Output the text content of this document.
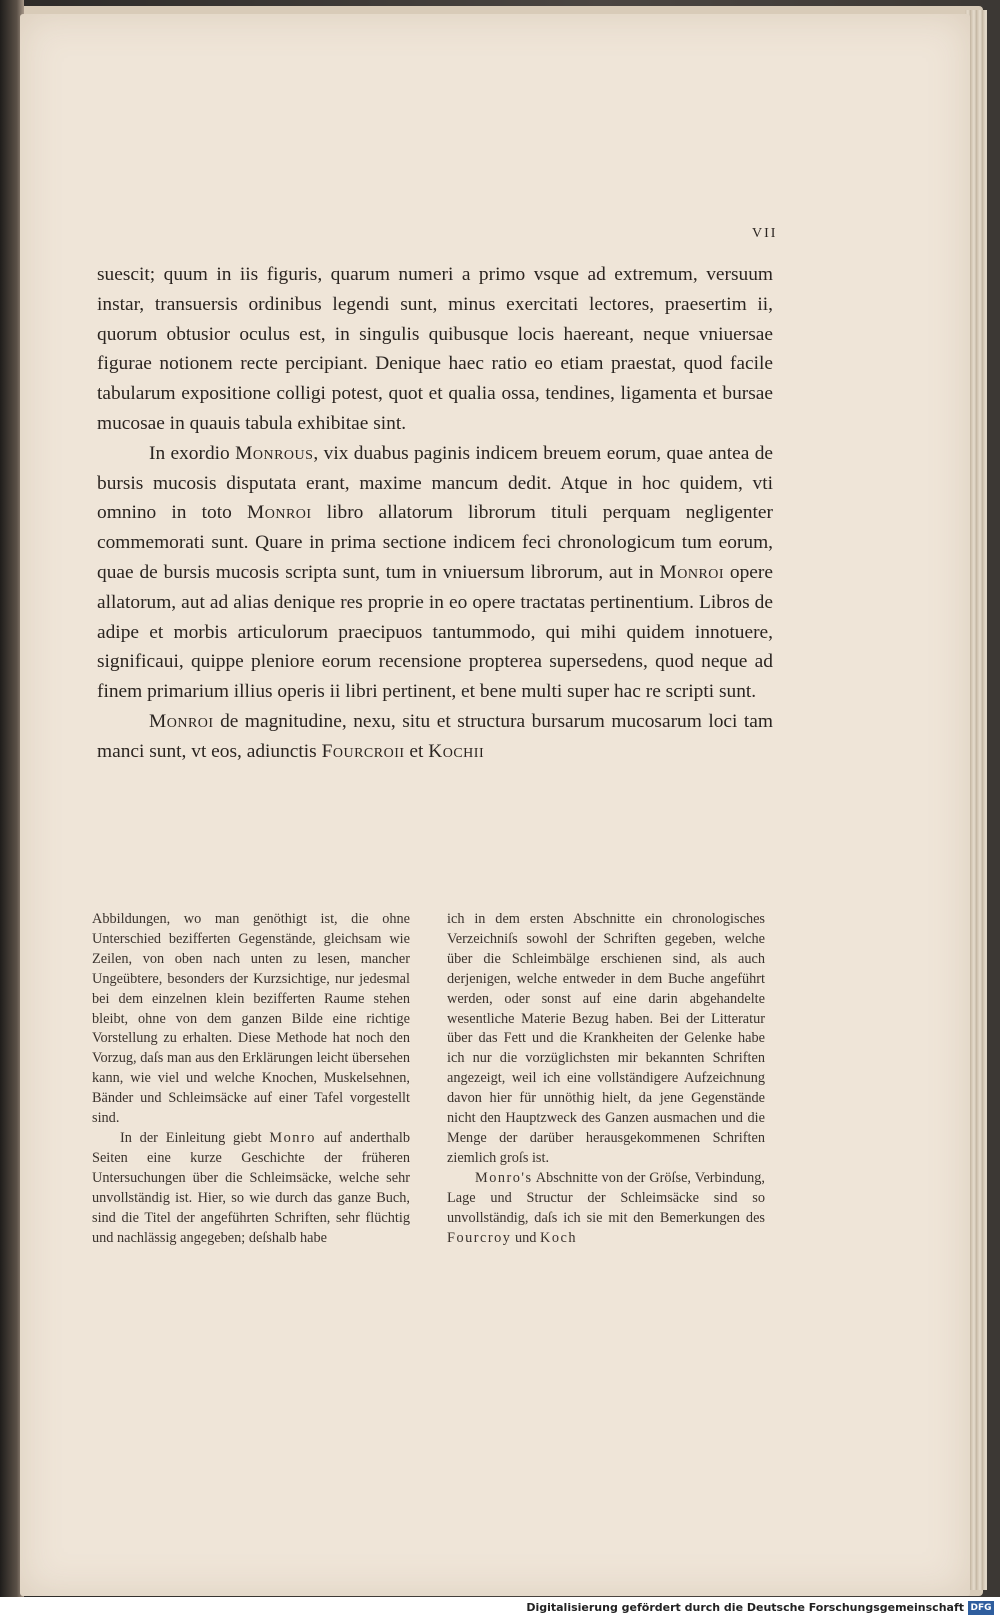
VII

suescit; quum in iis figuris, quarum numeri a primo vsque ad extremum, versuum instar, transuersis ordinibus legendi sunt, minus exercitati lectores, praesertim ii, quorum obtusior oculus est, in singulis quibusque locis haereant, neque vniuersae figurae notionem recte percipiant. Denique haec ratio eo etiam praestat, quod facile tabularum expositione colligi potest, quot et qualia ossa, tendines, ligamenta et bursae mucosae in quauis tabula exhibitae sint.

In exordio Monrous, vix duabus paginis indicem breuem eorum, quae antea de bursis mucosis disputata erant, maxime mancum dedit. Atque in hoc quidem, vti omnino in toto Monroi libro allatorum librorum tituli perquam negligenter commemorati sunt. Quare in prima sectione indicem feci chronologicum tum eorum, quae de bursis mucosis scripta sunt, tum in vniuersum librorum, aut in Monroi opere allatorum, aut ad alias denique res proprie in eo opere tractatas pertinentium. Libros de adipe et morbis articulorum praecipuos tantummodo, qui mihi quidem innotuere, significaui, quippe pleniore eorum recensione propterea supersedens, quod neque ad finem primarium illius operis ii libri pertinent, et bene multi super hac re scripti sunt.

Monroi de magnitudine, nexu, situ et structura bursarum mucosarum loci tam manci sunt, vt eos, adiunctis Fourcroii et Kochii

Abbildungen, wo man genöthigt ist, die ohne Unterschied bezifferten Gegenstände, gleichsam wie Zeilen, von oben nach unten zu lesen, mancher Ungeübtere, besonders der Kurzsichtige, nur jedesmal bei dem einzelnen klein bezifferten Raume stehen bleibt, ohne von dem ganzen Bilde eine richtige Vorstellung zu erhalten. Diese Methode hat noch den Vorzug, daſs man aus den Erklärungen leicht übersehen kann, wie viel und welche Knochen, Muskelsehnen, Bänder und Schleimsäcke auf einer Tafel vorgestellt sind.

In der Einleitung giebt Monro auf anderthalb Seiten eine kurze Geschichte der früheren Untersuchungen über die Schleimsäcke, welche sehr unvollständig ist. Hier, so wie durch das ganze Buch, sind die Titel der angeführten Schriften, sehr flüchtig und nachlässig angegeben; deſshalb habe

ich in dem ersten Abschnitte ein chronologisches Verzeichniſs sowohl der Schriften gegeben, welche über die Schleimbälge erschienen sind, als auch derjenigen, welche entweder in dem Buche angeführt werden, oder sonst auf eine darin abgehandelte wesentliche Materie Bezug haben. Bei der Litteratur über das Fett und die Krankheiten der Gelenke habe ich nur die vorzüglichsten mir bekannten Schriften angezeigt, weil ich eine vollständigere Aufzeichnung davon hier für unnöthig hielt, da jene Gegenstände nicht den Hauptzweck des Ganzen ausmachen und die Menge der darüber herausgekommenen Schriften ziemlich groſs ist.

Monro's Abschnitte von der Gröſse, Verbindung, Lage und Structur der Schleimsäcke sind so unvollständig, daſs ich sie mit den Bemerkungen des Fourcroy und Koch

Digitalisierung gefördert durch die Deutsche Forschungsgemeinschaft DFG
